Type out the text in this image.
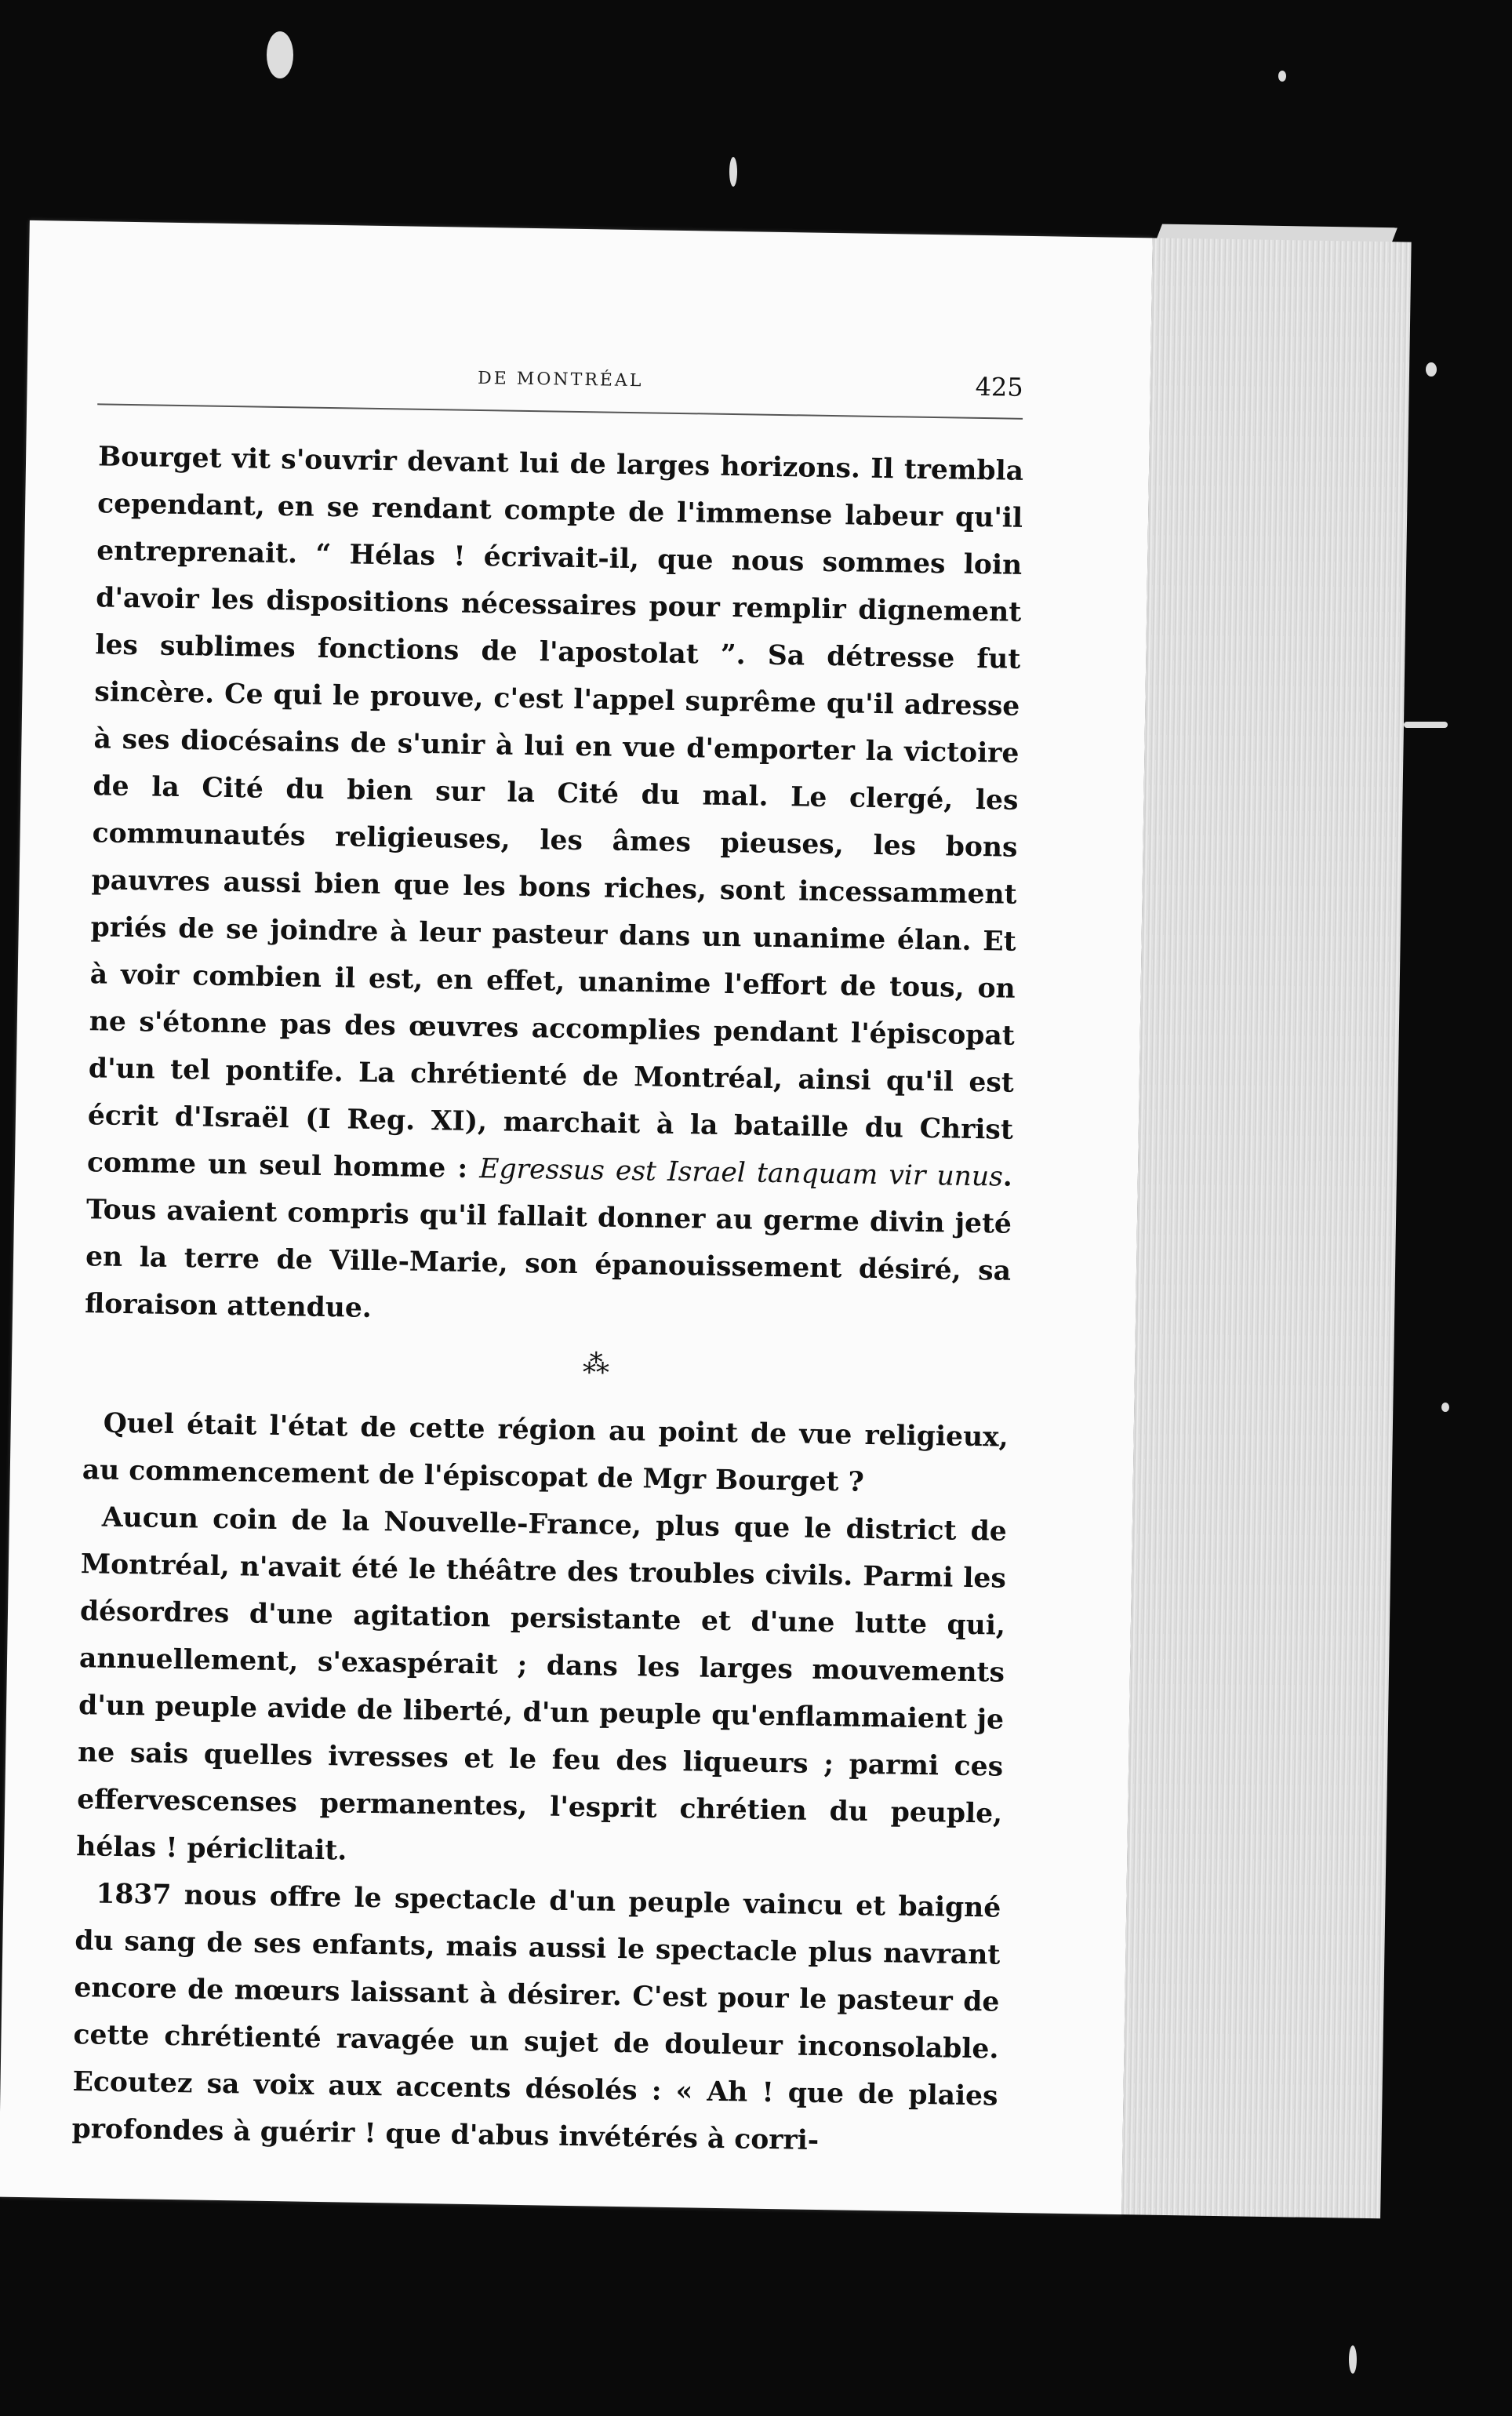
DE MONTRÉAL	425

Bourget vit s'ouvrir devant lui de larges horizons. Il trembla cependant, en se rendant compte de l'immense labeur qu'il entreprenait. “ Hélas ! écrivait-il, que nous sommes loin d'avoir les dispositions nécessaires pour remplir dignement les sublimes fonctions de l'apostolat ”. Sa détresse fut sincère. Ce qui le prouve, c'est l'appel suprême qu'il adresse à ses diocésains de s'unir à lui en vue d'emporter la victoire de la Cité du bien sur la Cité du mal. Le clergé, les communautés religieuses, les âmes pieuses, les bons pauvres aussi bien que les bons riches, sont incessamment priés de se joindre à leur pasteur dans un unanime élan. Et à voir combien il est, en effet, unanime l'effort de tous, on ne s'étonne pas des œuvres accomplies pendant l'épiscopat d'un tel pontife. La chrétienté de Montréal, ainsi qu'il est écrit d'Israël (I Reg. XI), marchait à la bataille du Christ comme un seul homme : Egressus est Israel tanquam vir unus. Tous avaient compris qu'il fallait donner au germe divin jeté en la terre de Ville-Marie, son épanouissement désiré, sa floraison attendue.

⁂

Quel était l'état de cette région au point de vue religieux, au commencement de l'épiscopat de Mgr Bourget ?

Aucun coin de la Nouvelle-France, plus que le district de Montréal, n'avait été le théâtre des troubles civils. Parmi les désordres d'une agitation persistante et d'une lutte qui, annuellement, s'exaspérait ; dans les larges mouvements d'un peuple avide de liberté, d'un peuple qu'enflammaient je ne sais quelles ivresses et le feu des liqueurs ; parmi ces effervescenses permanentes, l'esprit chrétien du peuple, hélas ! périclitait.

1837 nous offre le spectacle d'un peuple vaincu et baigné du sang de ses enfants, mais aussi le spectacle plus navrant encore de mœurs laissant à désirer. C'est pour le pasteur de cette chrétienté ravagée un sujet de douleur inconsolable. Ecoutez sa voix aux accents désolés : « Ah ! que de plaies profondes à guérir ! que d'abus invétérés à corri-
